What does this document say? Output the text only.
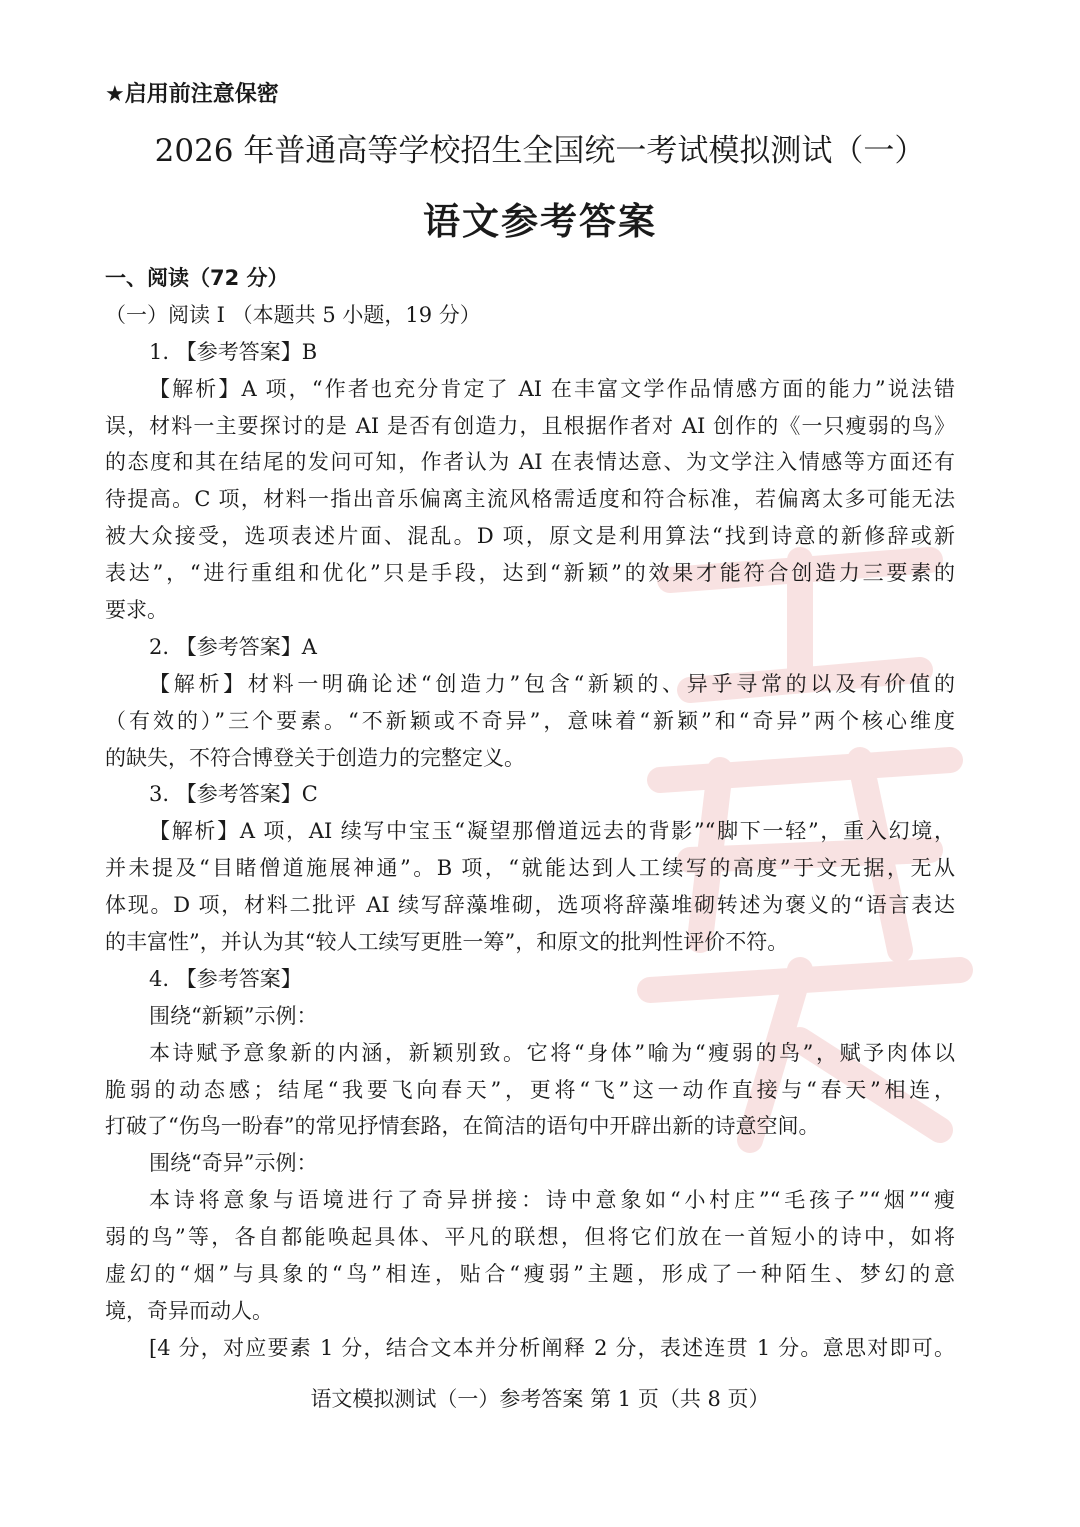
★启用前注意保密
2026 年普通高等学校招生全国统一考试模拟测试（一）
语文参考答案
一、阅读（72 分）
（一）阅读 I （本题共 5 小题，19 分）
1. 【参考答案】B
【解析】A 项，“作者也充分肯定了 AI 在丰富文学作品情感方面的能力”说法错
误，材料一主要探讨的是 AI 是否有创造力，且根据作者对 AI 创作的《一只瘦弱的鸟》
的态度和其在结尾的发问可知，作者认为 AI 在表情达意、为文学注入情感等方面还有
待提高。C 项，材料一指出音乐偏离主流风格需适度和符合标准，若偏离太多可能无法
被大众接受，选项表述片面、混乱。D 项，原文是利用算法“找到诗意的新修辞或新
表达”，“进行重组和优化”只是手段，达到“新颖”的效果才能符合创造力三要素的
要求。
2. 【参考答案】A
【解析】材料一明确论述“创造力”包含“新颖的、异乎寻常的以及有价值的
（有效的）”三个要素。“不新颖或不奇异”，意味着“新颖”和“奇异”两个核心维度
的缺失，不符合博登关于创造力的完整定义。
3. 【参考答案】C
【解析】A 项，AI 续写中宝玉“凝望那僧道远去的背影”“脚下一轻”，重入幻境，
并未提及“目睹僧道施展神通”。B 项，“就能达到人工续写的高度”于文无据，无从
体现。D 项，材料二批评 AI 续写辞藻堆砌，选项将辞藻堆砌转述为褒义的“语言表达
的丰富性”，并认为其“较人工续写更胜一筹”，和原文的批判性评价不符。
4. 【参考答案】
围绕“新颖”示例：
本诗赋予意象新的内涵，新颖别致。它将“身体”喻为“瘦弱的鸟”，赋予肉体以
脆弱的动态感；结尾“我要飞向春天”，更将“飞”这一动作直接与“春天”相连，
打破了“伤鸟一盼春”的常见抒情套路，在简洁的语句中开辟出新的诗意空间。
围绕“奇异”示例：
本诗将意象与语境进行了奇异拼接：诗中意象如“小村庄”“毛孩子”“烟”“瘦
弱的鸟”等，各自都能唤起具体、平凡的联想，但将它们放在一首短小的诗中，如将
虚幻的“烟”与具象的“鸟”相连，贴合“瘦弱”主题，形成了一种陌生、梦幻的意
境，奇异而动人。
[4 分，对应要素 1 分，结合文本并分析阐释 2 分，表述连贯 1 分。意思对即可。
语文模拟测试（一）参考答案 第 1 页（共 8 页）
